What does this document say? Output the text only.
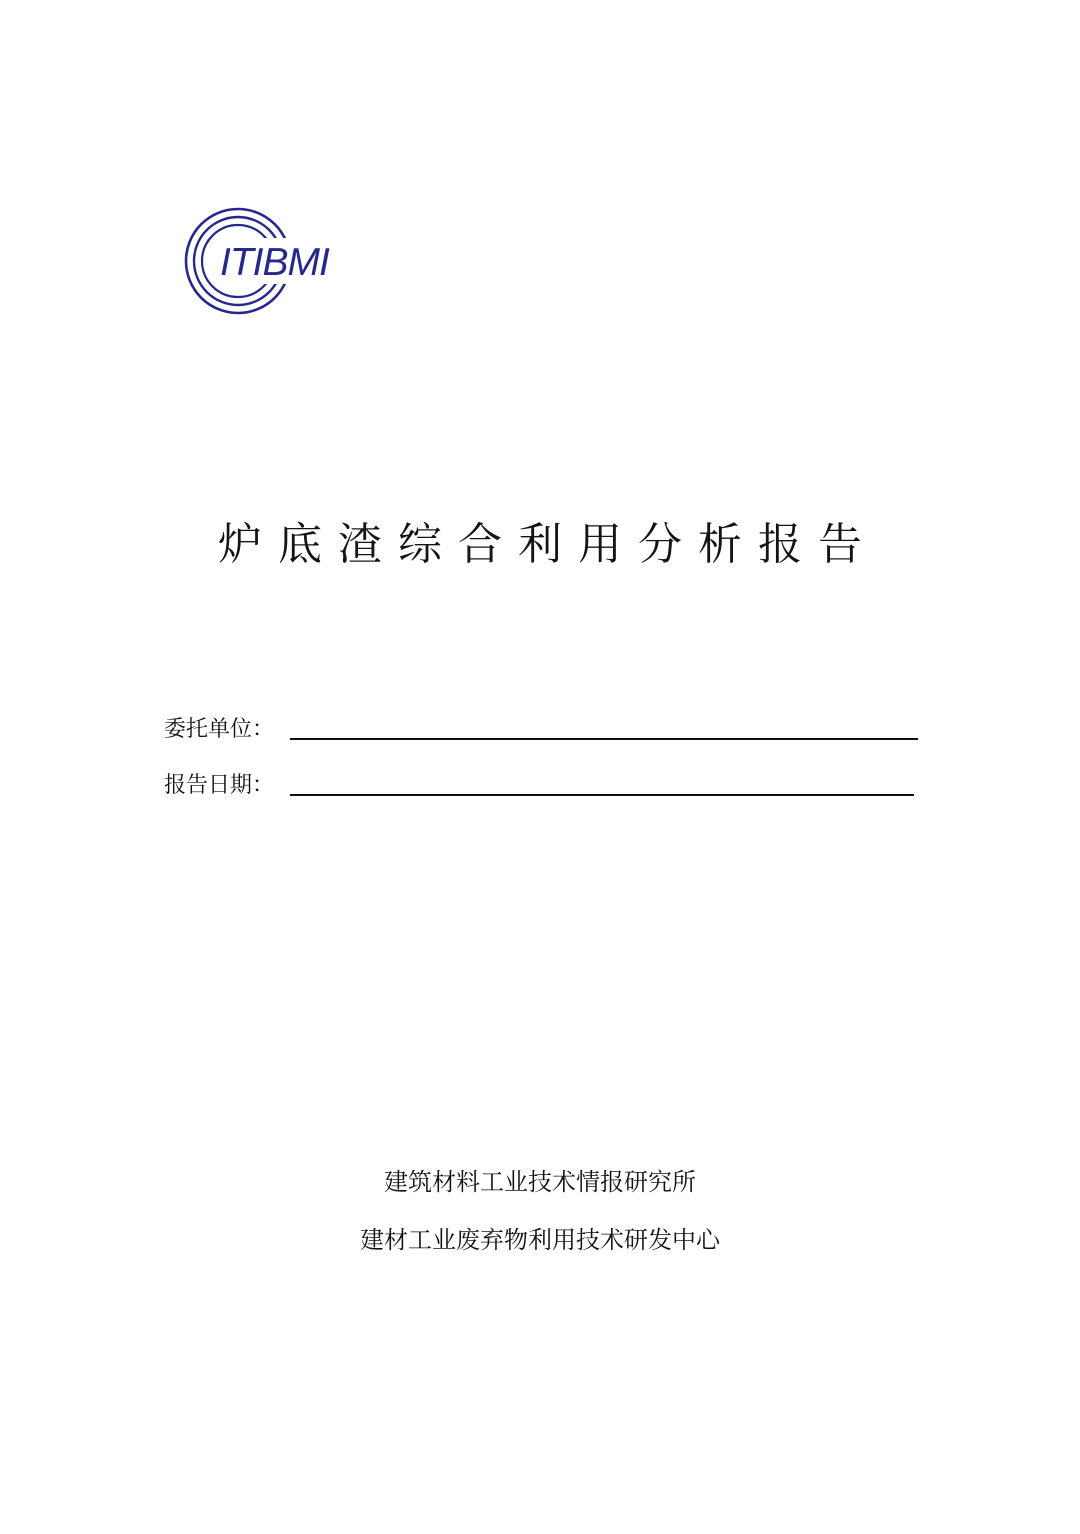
ITIBMI
炉底渣综合利用分析报告
委托单位：
报告日期：
建筑材料工业技术情报研究所
建材工业废弃物利用技术研发中心
